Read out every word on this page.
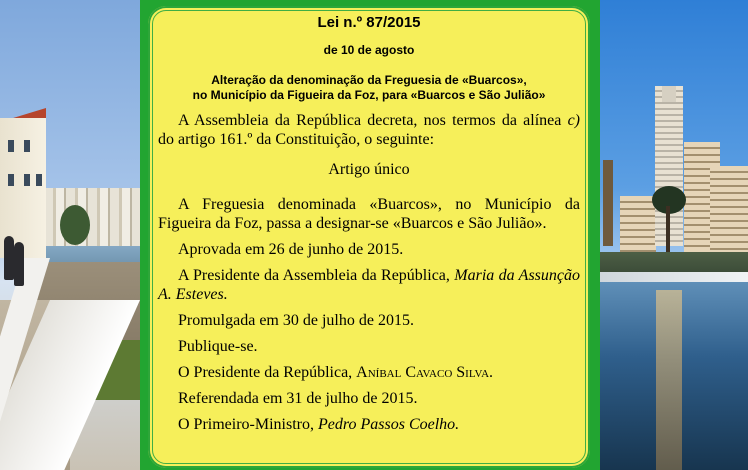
Lei n.º 87/2015

de 10 de agosto

Alteração da denominação da Freguesia de «Buarcos»,
no Município da Figueira da Foz, para «Buarcos e São Julião»

A Assembleia da República decreta, nos termos da alínea c) do artigo 161.º da Constituição, o seguinte:

Artigo único

A Freguesia denominada «Buarcos», no Município da Figueira da Foz, passa a designar-se «Buarcos e São Julião».

Aprovada em 26 de junho de 2015.

A Presidente da Assembleia da República, Maria da Assunção A. Esteves.

Promulgada em 30 de julho de 2015.

Publique-se.

O Presidente da República, Aníbal Cavaco Silva.

Referendada em 31 de julho de 2015.

O Primeiro-Ministro, Pedro Passos Coelho.
